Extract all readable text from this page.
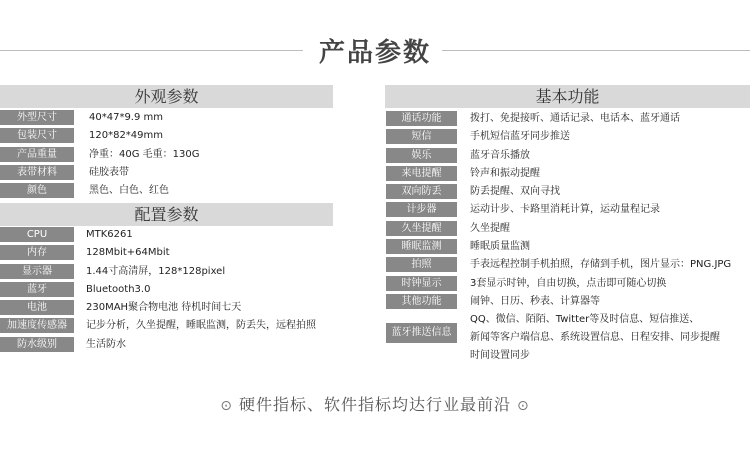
产品参数
外观参数
外型尺寸	40*47*9.9 mm
包装尺寸	120*82*49mm
产品重量	净重：40G 毛重：130G
表带材料	硅胶表带
颜色	黑色、白色、红色
配置参数
CPU	MTK6261
内存	128Mbit+64Mbit
显示器	1.44寸高清屏，128*128pixel
蓝牙	Bluetooth3.0
电池	230MAH聚合物电池 待机时间七天
加速度传感器	记步分析，久坐提醒，睡眠监测，防丢失，远程拍照
防水级别	生活防水
基本功能
通话功能	拨打、免提接听、通话记录、电话本、蓝牙通话
短信	手机短信蓝牙同步推送
娱乐	蓝牙音乐播放
来电提醒	铃声和振动提醒
双向防丢	防丢提醒、双向寻找
计步器	运动计步、卡路里消耗计算，运动量程记录
久坐提醒	久坐提醒
睡眠监测	睡眠质量监测
拍照	手表远程控制手机拍照，存储到手机，图片显示：PNG.JPG
时钟显示	3套显示时钟，自由切换，点击即可随心切换
其他功能	闹钟、日历、秒表、计算器等
蓝牙推送信息
QQ、微信、陌陌、Twitter等及时信息、短信推送、
新闻等客户端信息、系统设置信息、日程安排、同步提醒
时间设置同步
⊙ 硬件指标、软件指标均达行业最前沿 ⊙
